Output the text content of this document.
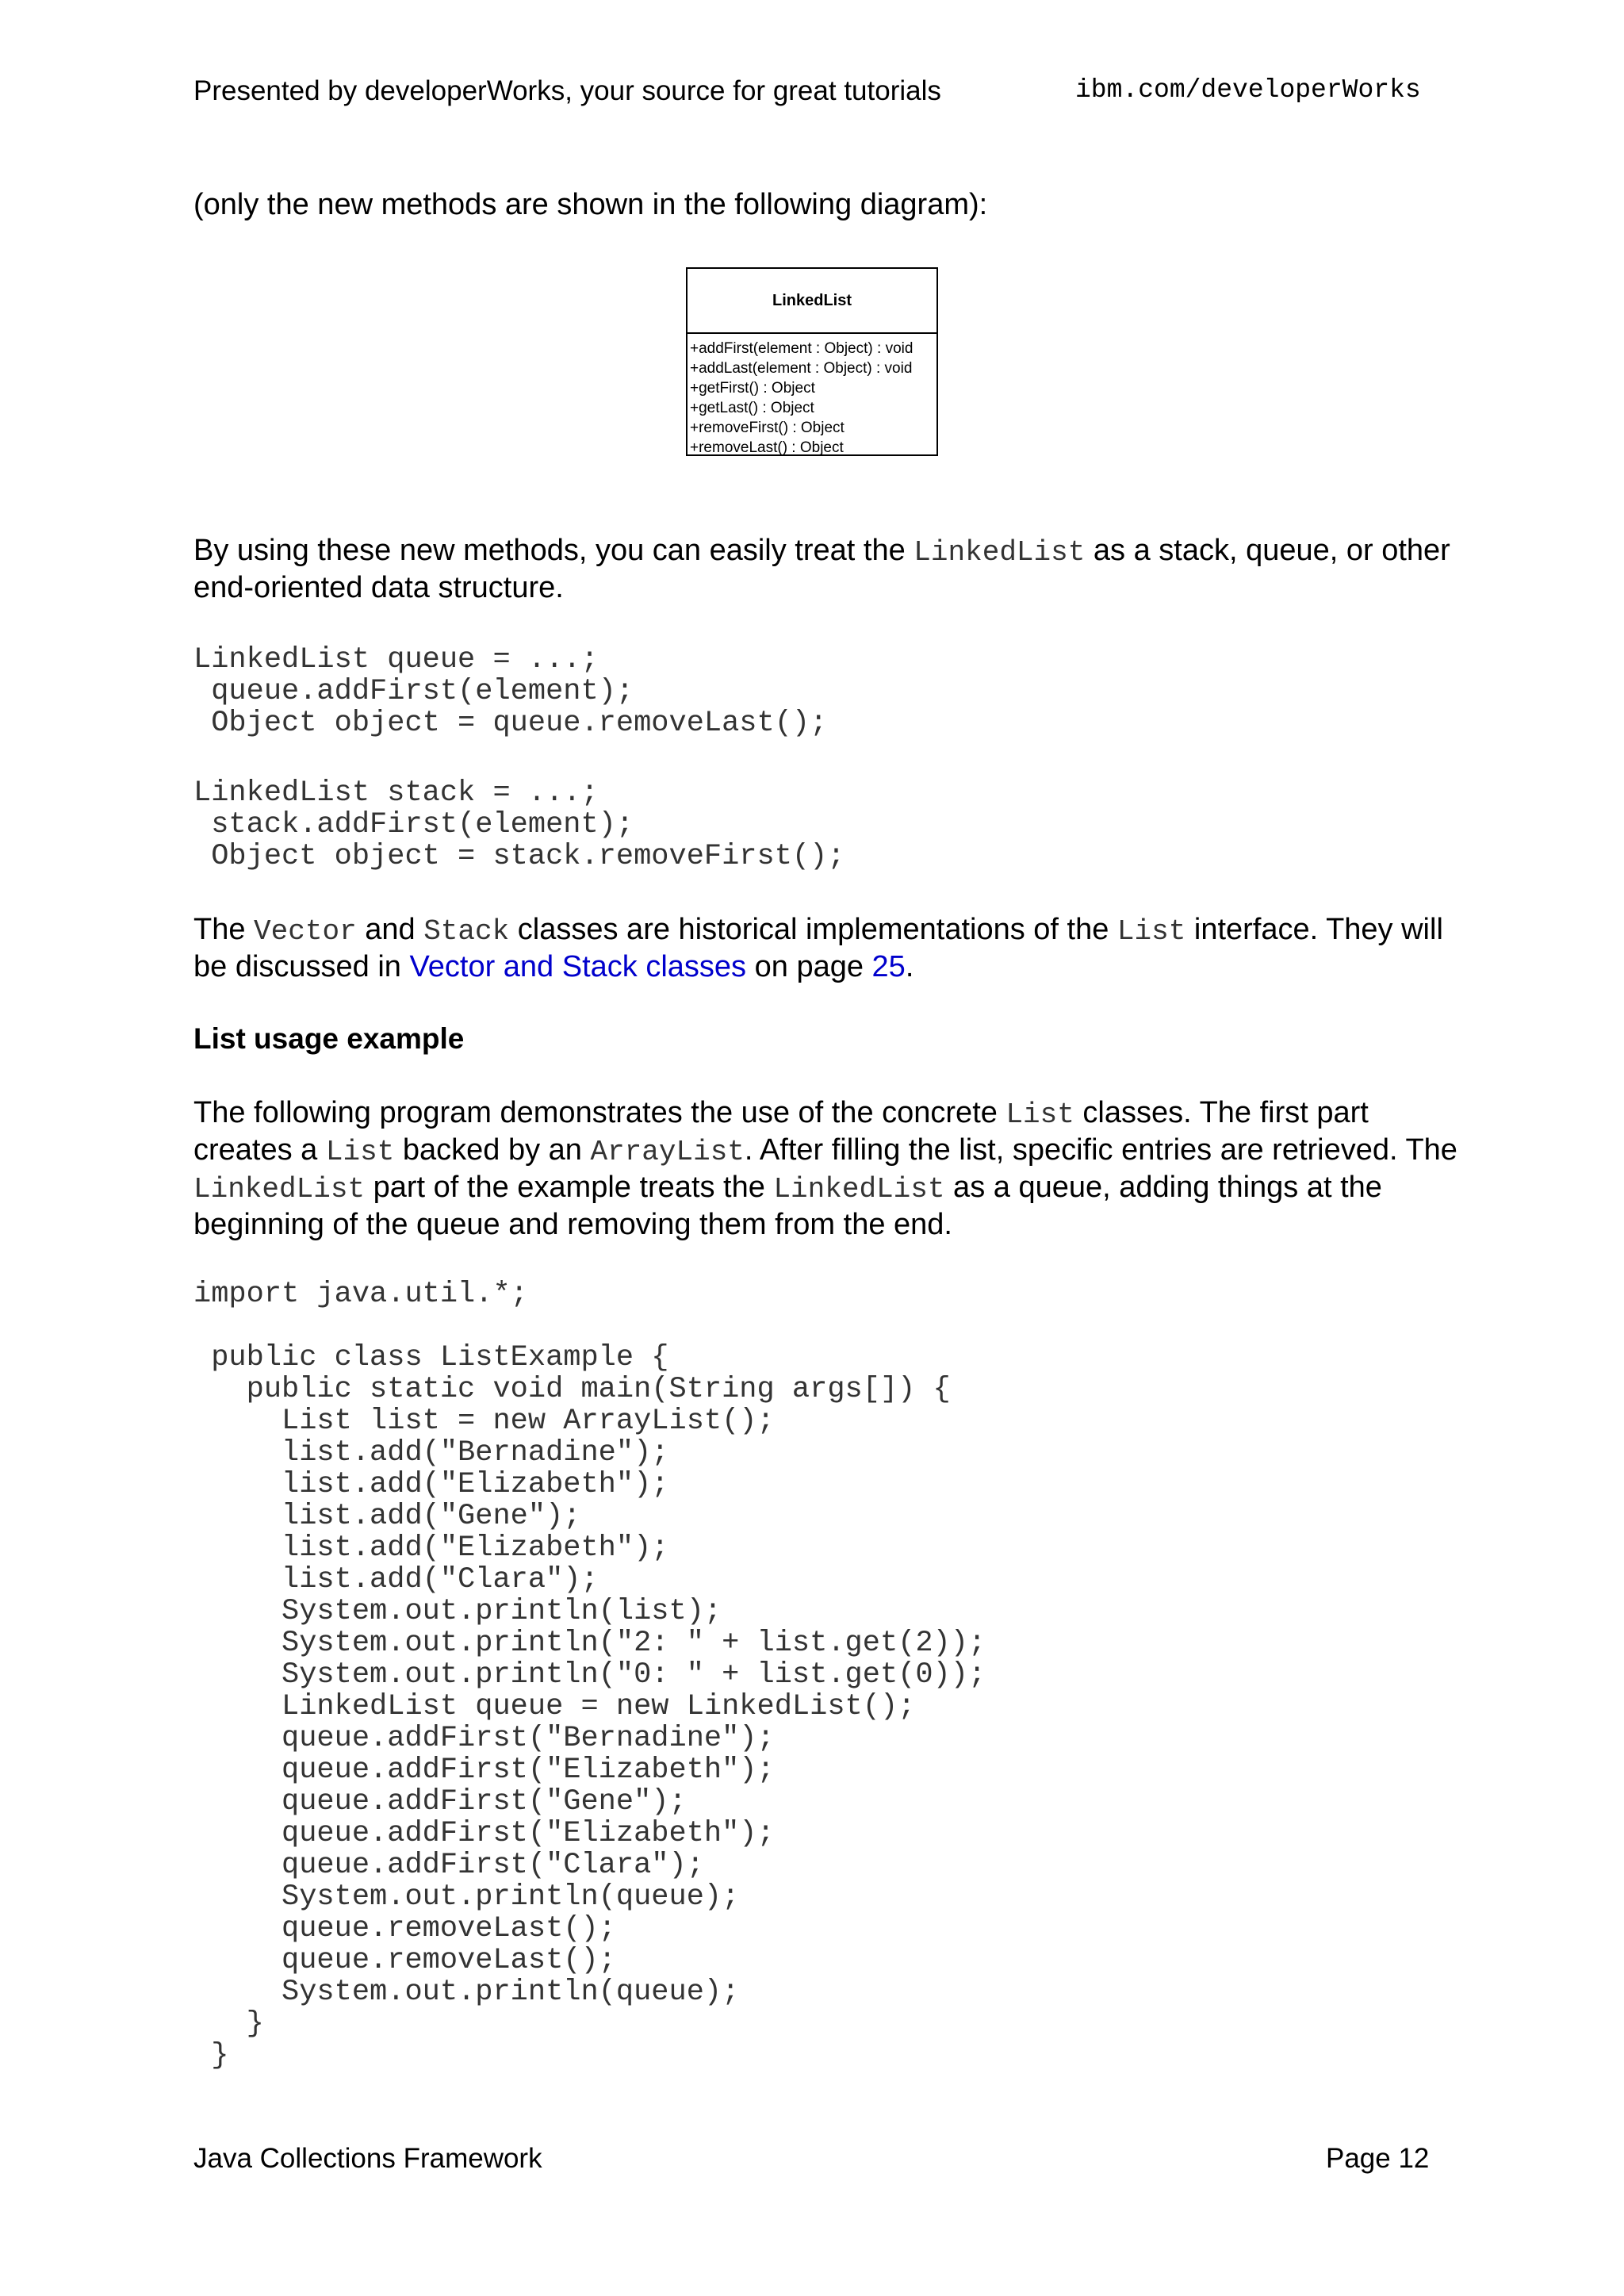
Presented by developerWorks, your source for great tutorials	ibm.com/developerWorks
(only the new methods are shown in the following diagram):
LinkedList
+addFirst(element : Object) : void
+addLast(element : Object) : void
+getFirst() : Object
+getLast() : Object
+removeFirst() : Object
+removeLast() : Object
By using these new methods, you can easily treat the LinkedList as a stack, queue, or other end-oriented data structure.
LinkedList queue = ...;
queue.addFirst(element);
Object object = queue.removeLast();
LinkedList stack = ...;
stack.addFirst(element);
Object object = stack.removeFirst();
The Vector and Stack classes are historical implementations of the List interface. They will be discussed in Vector and Stack classes on page 25.
List usage example
The following program demonstrates the use of the concrete List classes. The first part creates a List backed by an ArrayList. After filling the list, specific entries are retrieved. The LinkedList part of the example treats the LinkedList as a queue, adding things at the beginning of the queue and removing them from the end.
import java.util.*;

public class ListExample {
public static void main(String args[]) {
List list = new ArrayList();
list.add("Bernadine");
list.add("Elizabeth");
list.add("Gene");
list.add("Elizabeth");
list.add("Clara");
System.out.println(list);
System.out.println("2: " + list.get(2));
System.out.println("0: " + list.get(0));
LinkedList queue = new LinkedList();
queue.addFirst("Bernadine");
queue.addFirst("Elizabeth");
queue.addFirst("Gene");
queue.addFirst("Elizabeth");
queue.addFirst("Clara");
System.out.println(queue);
queue.removeLast();
queue.removeLast();
System.out.println(queue);
}
}
Java Collections Framework	Page 12
